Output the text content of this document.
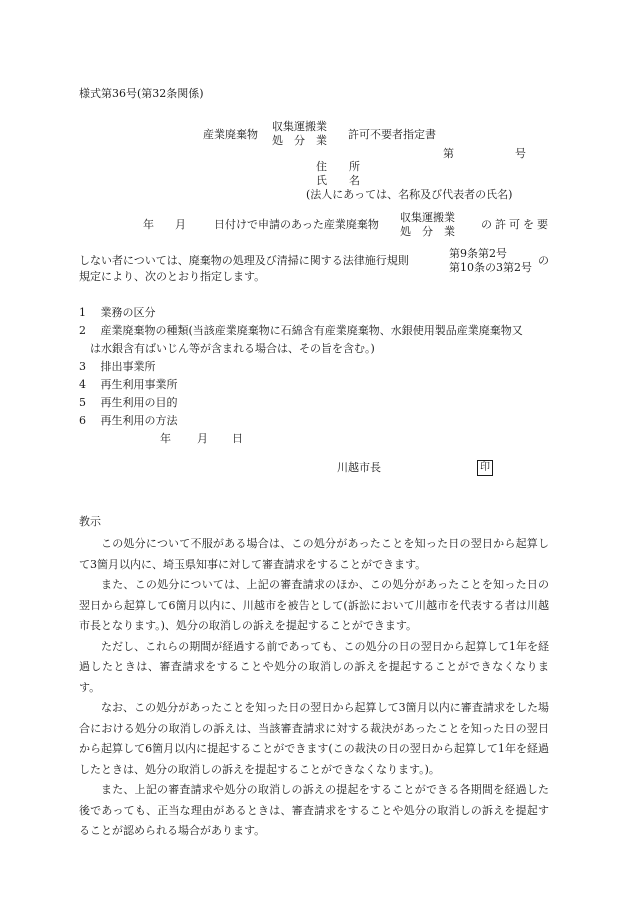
様式第36号(第32条関係)
産業廃棄物
収集運搬業
処　分　業 許可不要者指定書
第	号
住　　所
氏　　名
(法人にあっては、名称及び代表者の氏名)
年 月	日付けで申請のあった産業廃棄物
収集運搬業
処　分　業
の許可を要
しない者については、廃棄物の処理及び清掃に関する法律施行規則
第9条第2号
第10条の3第2号
の
規定により、次のとおり指定します。
1　 業務の区分
2　 産業廃棄物の種類(当該産業廃棄物に石綿含有産業廃棄物、水銀使用製品産業廃棄物又
は水銀含有ばいじん等が含まれる場合は、その旨を含む。)
3　 排出事業所
4　 再生利用事業所
5　 再生利用の目的
6　 再生利用の方法
年 月 日
川越市長	印
教示

この処分について不服がある場合は、この処分があったことを知った日の翌日から起算して3箇月以内に、埼玉県知事に対して審査請求をすることができます。

また、この処分については、上記の審査請求のほか、この処分があったことを知った日の翌日から起算して6箇月以内に、川越市を被告として(訴訟において川越市を代表する者は川越市長となります。)、処分の取消しの訴えを提起することができます。

ただし、これらの期間が経過する前であっても、この処分の日の翌日から起算して1年を経過したときは、審査請求をすることや処分の取消しの訴えを提起することができなくなります。

なお、この処分があったことを知った日の翌日から起算して3箇月以内に審査請求をした場合における処分の取消しの訴えは、当該審査請求に対する裁決があったことを知った日の翌日から起算して6箇月以内に提起することができます(この裁決の日の翌日から起算して1年を経過したときは、処分の取消しの訴えを提起することができなくなります。)。

また、上記の審査請求や処分の取消しの訴えの提起をすることができる各期間を経過した後であっても、正当な理由があるときは、審査請求をすることや処分の取消しの訴えを提起することが認められる場合があります。
